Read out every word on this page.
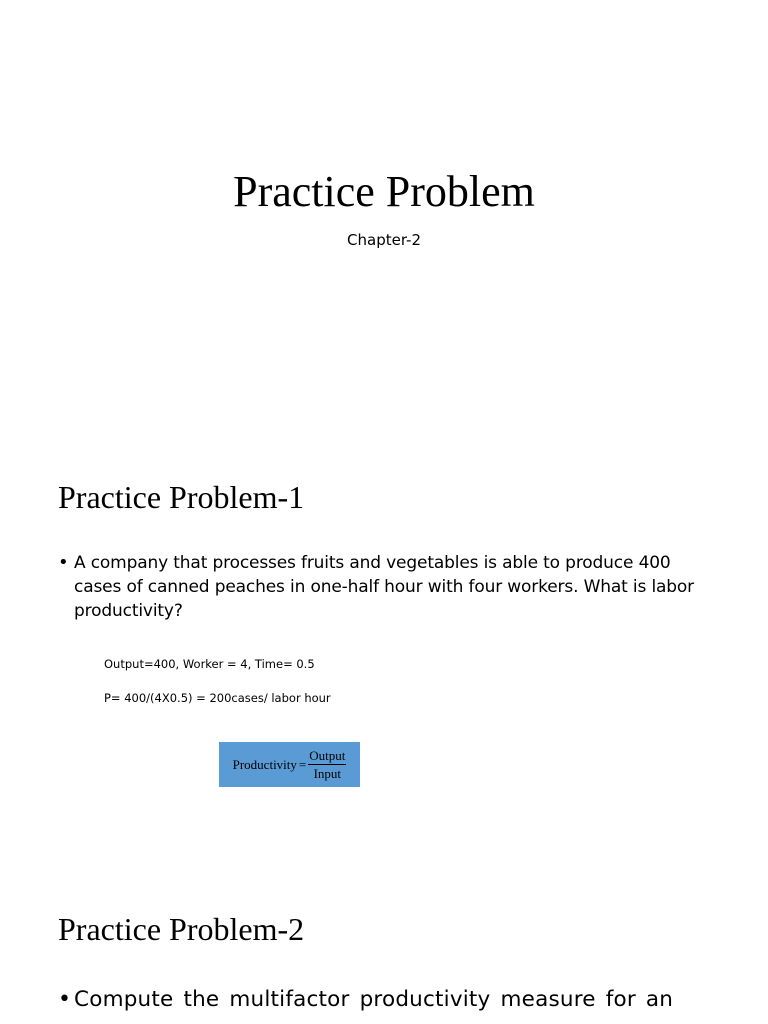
Practice Problem
Chapter-2
Practice Problem-1
• A company that processes fruits and vegetables is able to produce 400 cases of canned peaches in one-half hour with four workers. What is labor productivity?
Output=400, Worker = 4, Time= 0.5
P= 400/(4X0.5) = 200cases/ labor hour
Productivity = $\frac{\text{Output}}{\text{Input}}$
Practice Problem-2
• Compute the multifactor productivity measure for an
